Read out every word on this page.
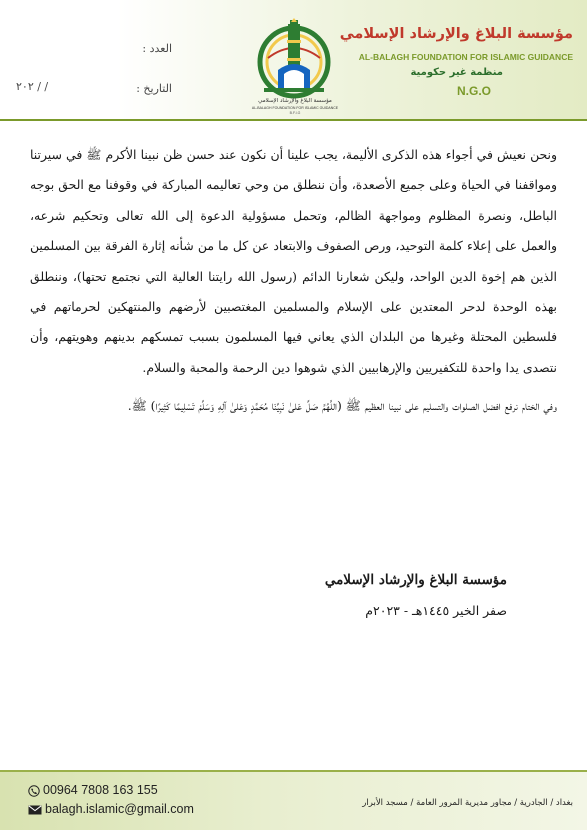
مؤسسة البلاغ والإرشاد الإسلامي
AL-BALAGH FOUNDATION FOR ISLAMIC GUIDANCE
منظمة غير حكومية
N.G.O
مؤسسة البلاغ والإرشاد الإسلامي
AL-BALAGH FOUNDATION FOR ISLAMIC GUIDANCE
B.F.I.G
العدد :
التاريخ :
٢٠٢ / /

ونحن نعيش في أجواء هذه الذكرى الأليمة، يجب علينا أن نكون عند حسن ظن نبينا الأكرم ﷺ في سيرتنا ومواقفنا في الحياة وعلى جميع الأصعدة، وأن ننطلق من وحي تعاليمه المباركة في وقوفنا مع الحق بوجه الباطل، ونصرة المظلوم ومواجهة الظالم، وتحمل مسؤولية الدعوة إلى الله تعالى وتحكيم شرعه، والعمل على إعلاء كلمة التوحيد، ورص الصفوف والابتعاد عن كل ما من شأنه إثارة الفرقة بين المسلمين الذين هم إخوة الدين الواحد، وليكن شعارنا الدائم (رسول الله رايتنا العالية التي نجتمع تحتها)، وننطلق بهذه الوحدة لدحر المعتدين على الإسلام والمسلمين المغتصبين لأرضهم والمنتهكين لحرماتهم في فلسطين المحتلة وغيرها من البلدان الذي يعاني فيها المسلمون بسبب تمسكهم بدينهم وهويتهم، وأن نتصدى يدا واحدة للتكفيريين والإرهابيين الذي شوهوا دين الرحمة والمحبة والسلام.

وفي الختام نرفع افضل الصلوات والتسليم على نبينا العظيم ﷺ (اللَّهُمَّ صَلِّ عَلىٰ نَبِيِّنَا مُحَمَّدٍ وَعَلىٰ آلِهِ وَسَلِّمْ تَسْلِيمًا كَثِيرًا) ﷺ.

مؤسسة البلاغ والإرشاد الإسلامي
صفر الخير ١٤٤٥هـ - ٢٠٢٣م
00964 7808 163 155
balagh.islamic@gmail.com	بغداد / الجادرية / مجاور مديرية المرور العامة / مسجد الأبرار
